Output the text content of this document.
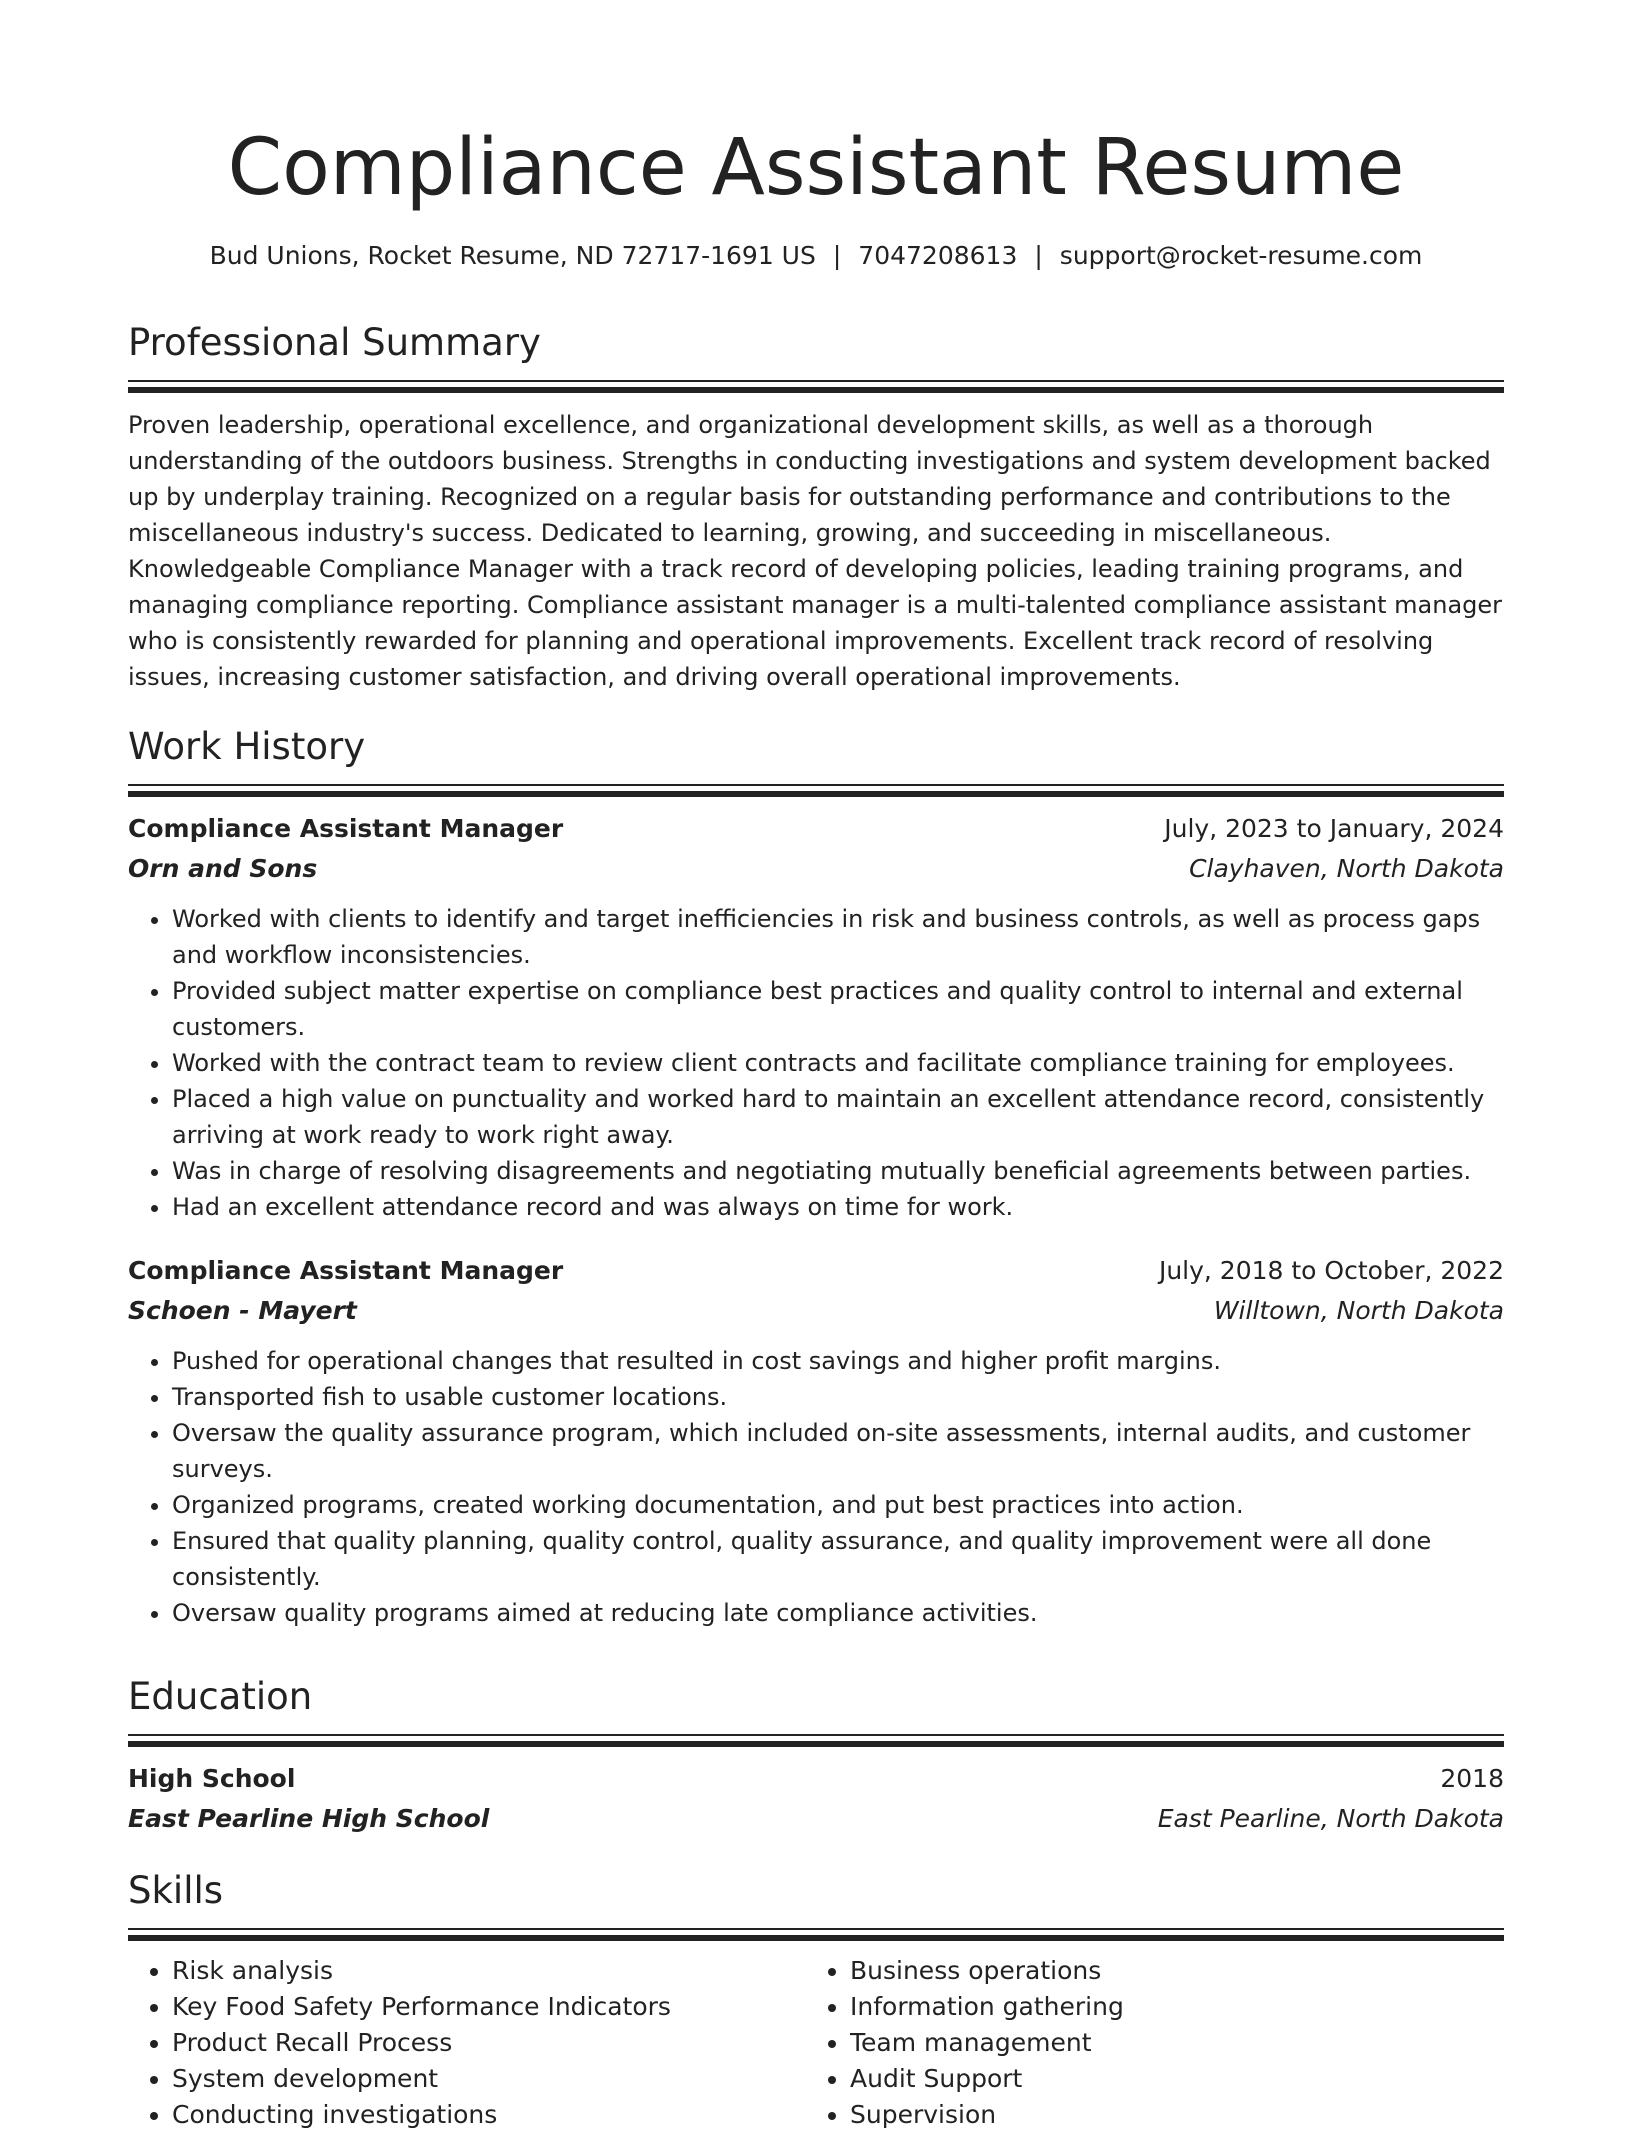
Compliance Assistant Resume
Bud Unions, Rocket Resume, ND 72717-1691 US | 7047208613 | support@rocket-resume.com
Professional Summary

Proven leadership, operational excellence, and organizational development skills, as well as a thorough understanding of the outdoors business. Strengths in conducting investigations and system development backed up by underplay training. Recognized on a regular basis for outstanding performance and contributions to the miscellaneous industry's success. Dedicated to learning, growing, and succeeding in miscellaneous. Knowledgeable Compliance Manager with a track record of developing policies, leading training programs, and managing compliance reporting. Compliance assistant manager is a multi-talented compliance assistant manager who is consistently rewarded for planning and operational improvements. Excellent track record of resolving issues, increasing customer satisfaction, and driving overall operational improvements.

Work History
Compliance Assistant Manager	July, 2023 to January, 2024
Orn and Sons	Clayhaven, North Dakota
• Worked with clients to identify and target inefficiencies in risk and business controls, as well as process gaps and workflow inconsistencies.
• Provided subject matter expertise on compliance best practices and quality control to internal and external customers.
• Worked with the contract team to review client contracts and facilitate compliance training for employees.
• Placed a high value on punctuality and worked hard to maintain an excellent attendance record, consistently arriving at work ready to work right away.
• Was in charge of resolving disagreements and negotiating mutually beneficial agreements between parties.
• Had an excellent attendance record and was always on time for work.
Compliance Assistant Manager	July, 2018 to October, 2022
Schoen - Mayert	Willtown, North Dakota
• Pushed for operational changes that resulted in cost savings and higher profit margins.
• Transported fish to usable customer locations.
• Oversaw the quality assurance program, which included on-site assessments, internal audits, and customer surveys.
• Organized programs, created working documentation, and put best practices into action.
• Ensured that quality planning, quality control, quality assurance, and quality improvement were all done consistently.
• Oversaw quality programs aimed at reducing late compliance activities.
Education
High School	2018
East Pearline High School	East Pearline, North Dakota
Skills
• Risk analysis
• Key Food Safety Performance Indicators
• Product Recall Process
• System development
• Conducting investigations
• Business operations
• Information gathering
• Team management
• Audit Support
• Supervision
